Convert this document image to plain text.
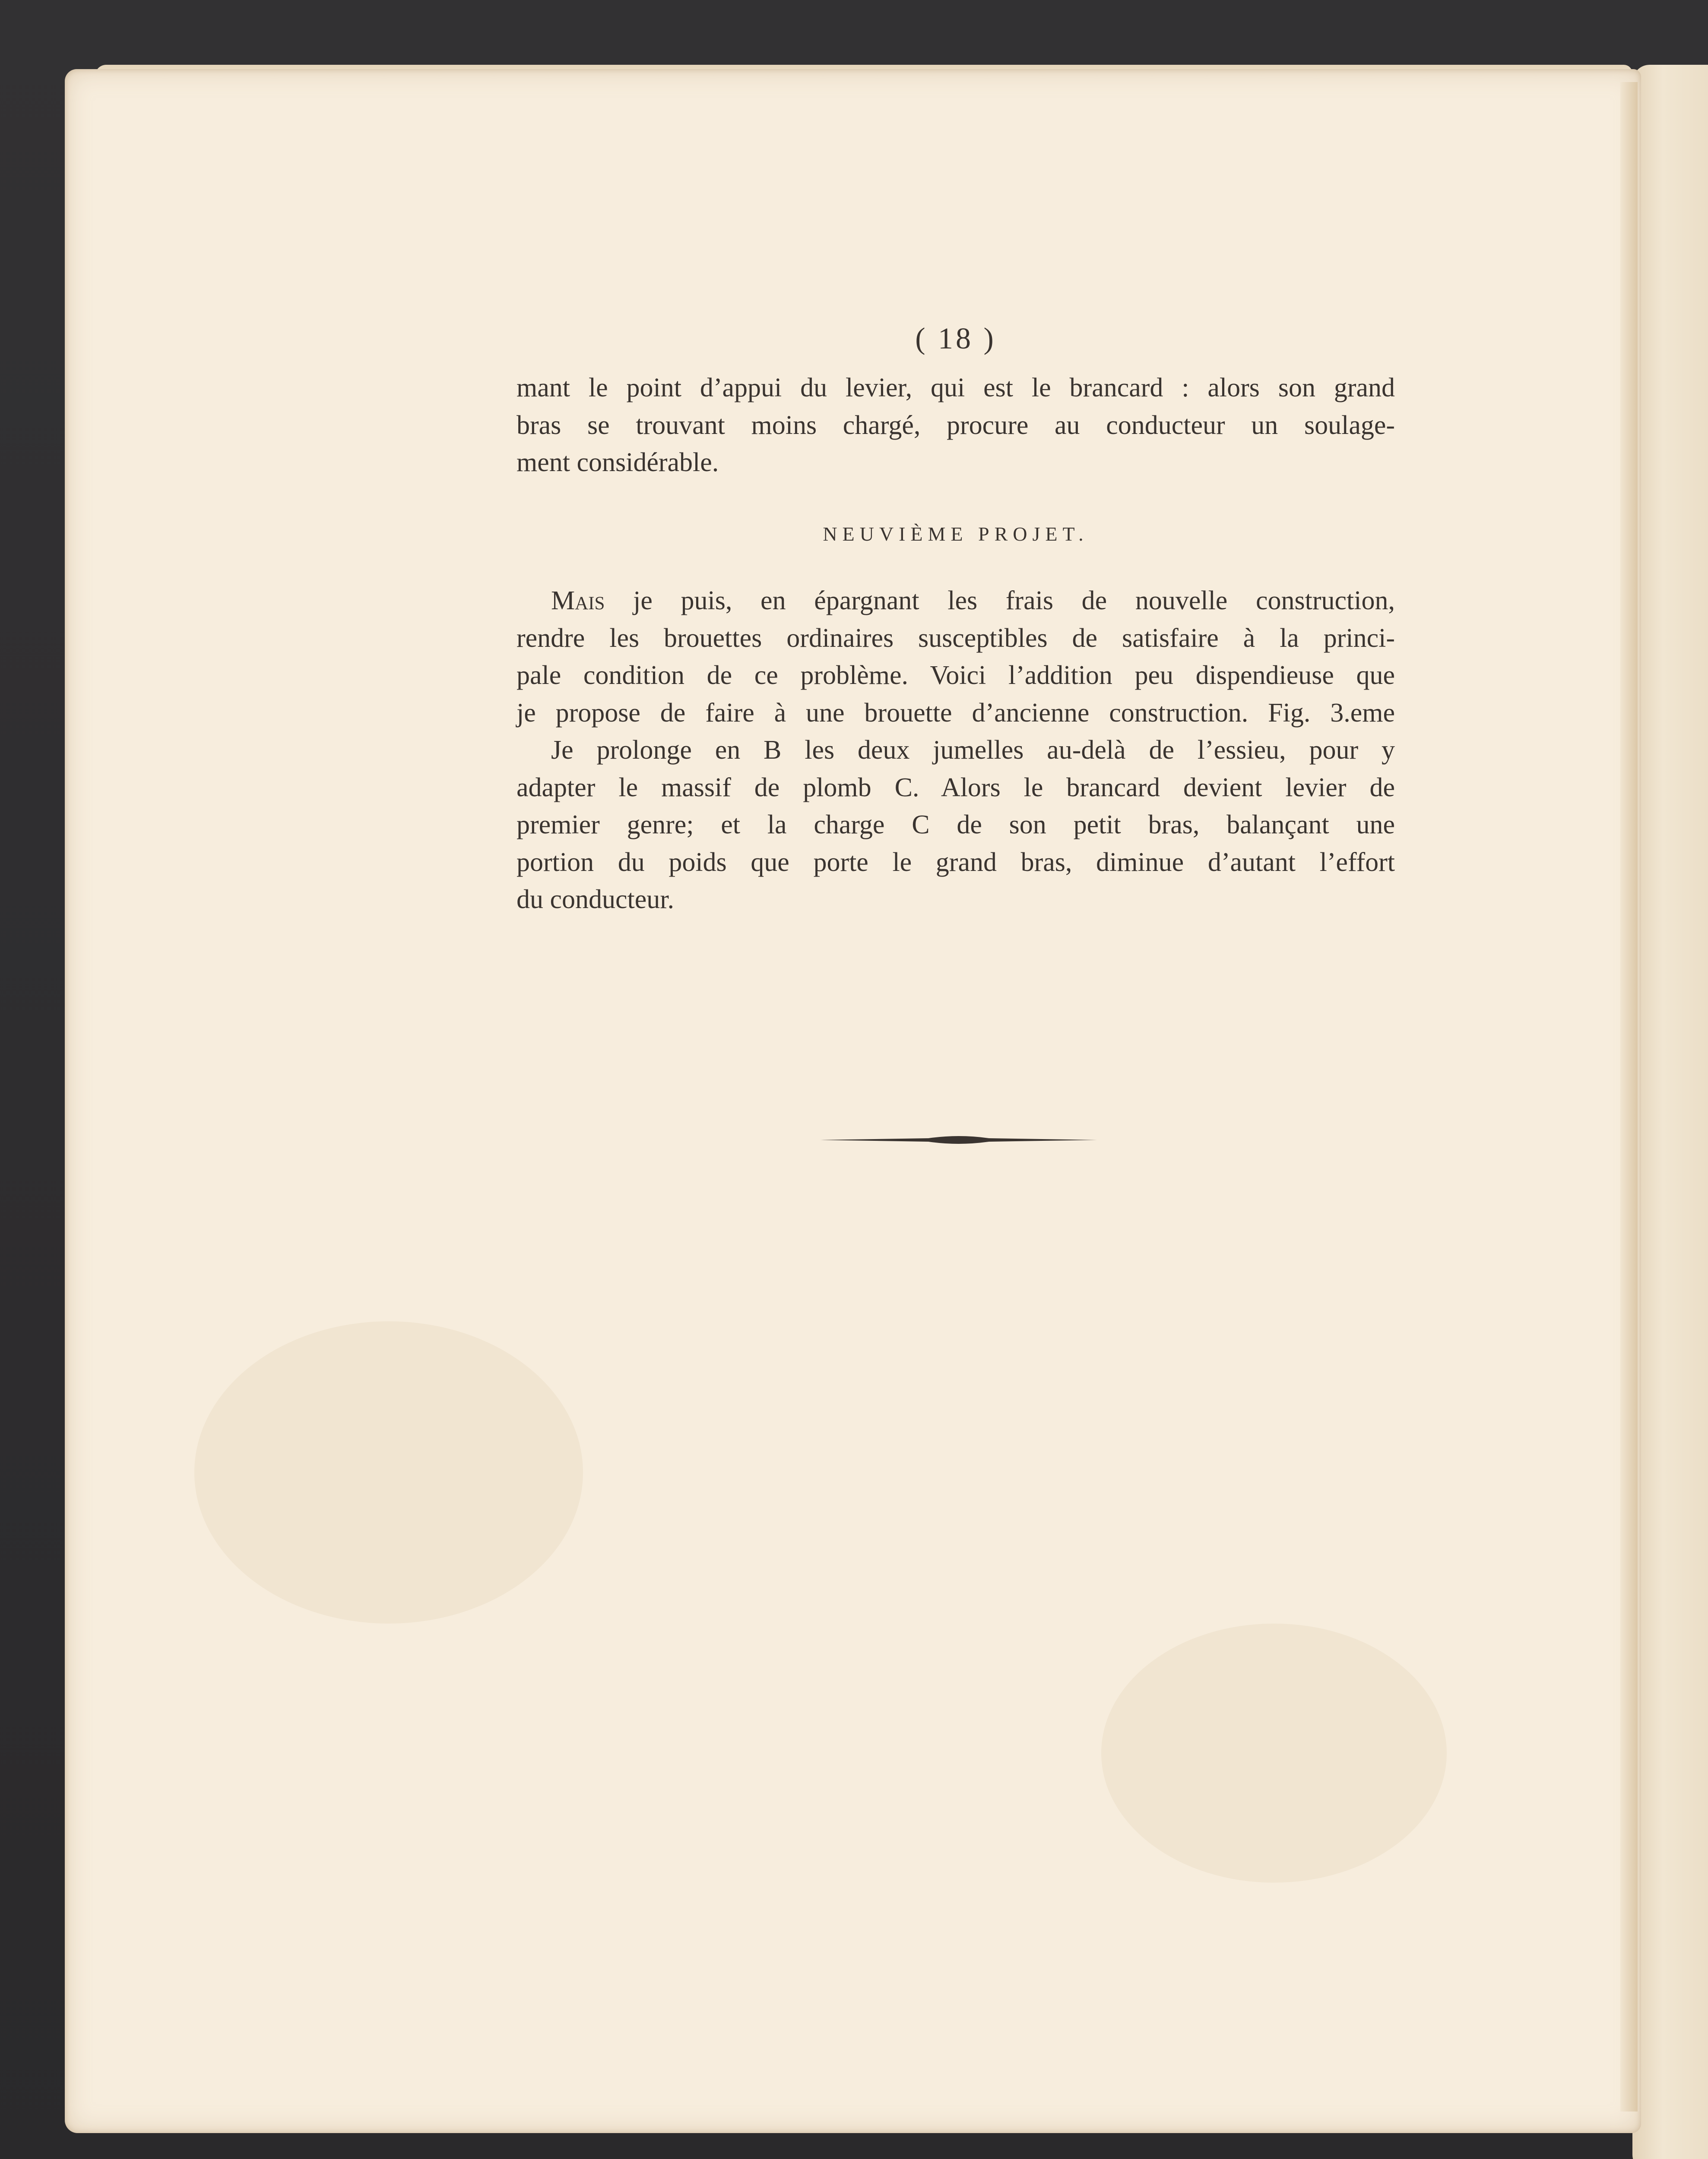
( 18 )
mant le point d’appui du levier, qui est le brancard : alors son grand
bras se trouvant moins chargé, procure au conducteur un soulage-
ment considérable.
NEUVIÈME PROJET.
Mais je puis, en épargnant les frais de nouvelle construction,
rendre les brouettes ordinaires susceptibles de satisfaire à la princi-
pale condition de ce problème. Voici l’addition peu dispendieuse que
je propose de faire à une brouette d’ancienne construction. Fig. 3.eme
Je prolonge en B les deux jumelles au-delà de l’essieu, pour y
adapter le massif de plomb C. Alors le brancard devient levier de
premier genre; et la charge C de son petit bras, balançant une
portion du poids que porte le grand bras, diminue d’autant l’effort
du conducteur.
